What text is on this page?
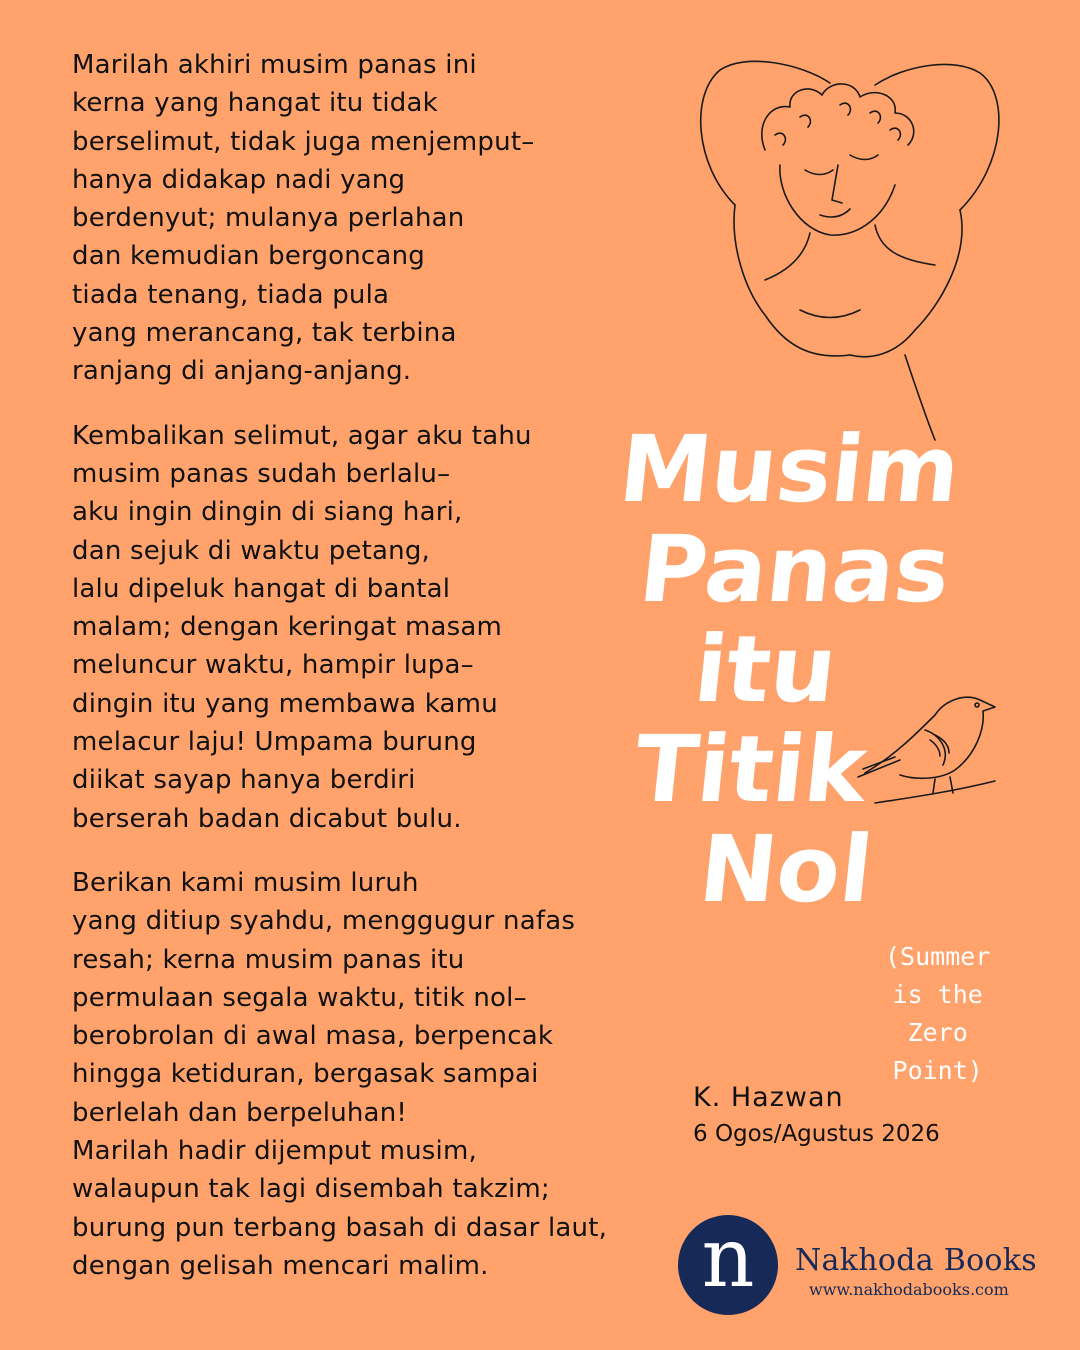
Marilah akhiri musim panas ini
kerna yang hangat itu tidak
berselimut, tidak juga menjemput–
hanya didakap nadi yang
berdenyut; mulanya perlahan
dan kemudian bergoncang
tiada tenang, tiada pula
yang merancang, tak terbina
ranjang di anjang-anjang.
Kembalikan selimut, agar aku tahu
musim panas sudah berlalu–
aku ingin dingin di siang hari,
dan sejuk di waktu petang,
lalu dipeluk hangat di bantal
malam; dengan keringat masam
meluncur waktu, hampir lupa–
dingin itu yang membawa kamu
melacur laju! Umpama burung
diikat sayap hanya berdiri
berserah badan dicabut bulu.
Berikan kami musim luruh
yang ditiup syahdu, menggugur nafas
resah; kerna musim panas itu
permulaan segala waktu, titik nol–
berobrolan di awal masa, berpencak
hingga ketiduran, bergasak sampai
berlelah dan berpeluhan!
Marilah hadir dijemput musim,
walaupun tak lagi disembah takzim;
burung pun terbang basah di dasar laut,
dengan gelisah mencari malim.
Musim
Panas
itu
Titik
Nol
(Summer
is the
Zero
Point)
K. Hazwan
6 Ogos/Agustus 2026
n	Nakhoda Books
www.nakhodabooks.com
